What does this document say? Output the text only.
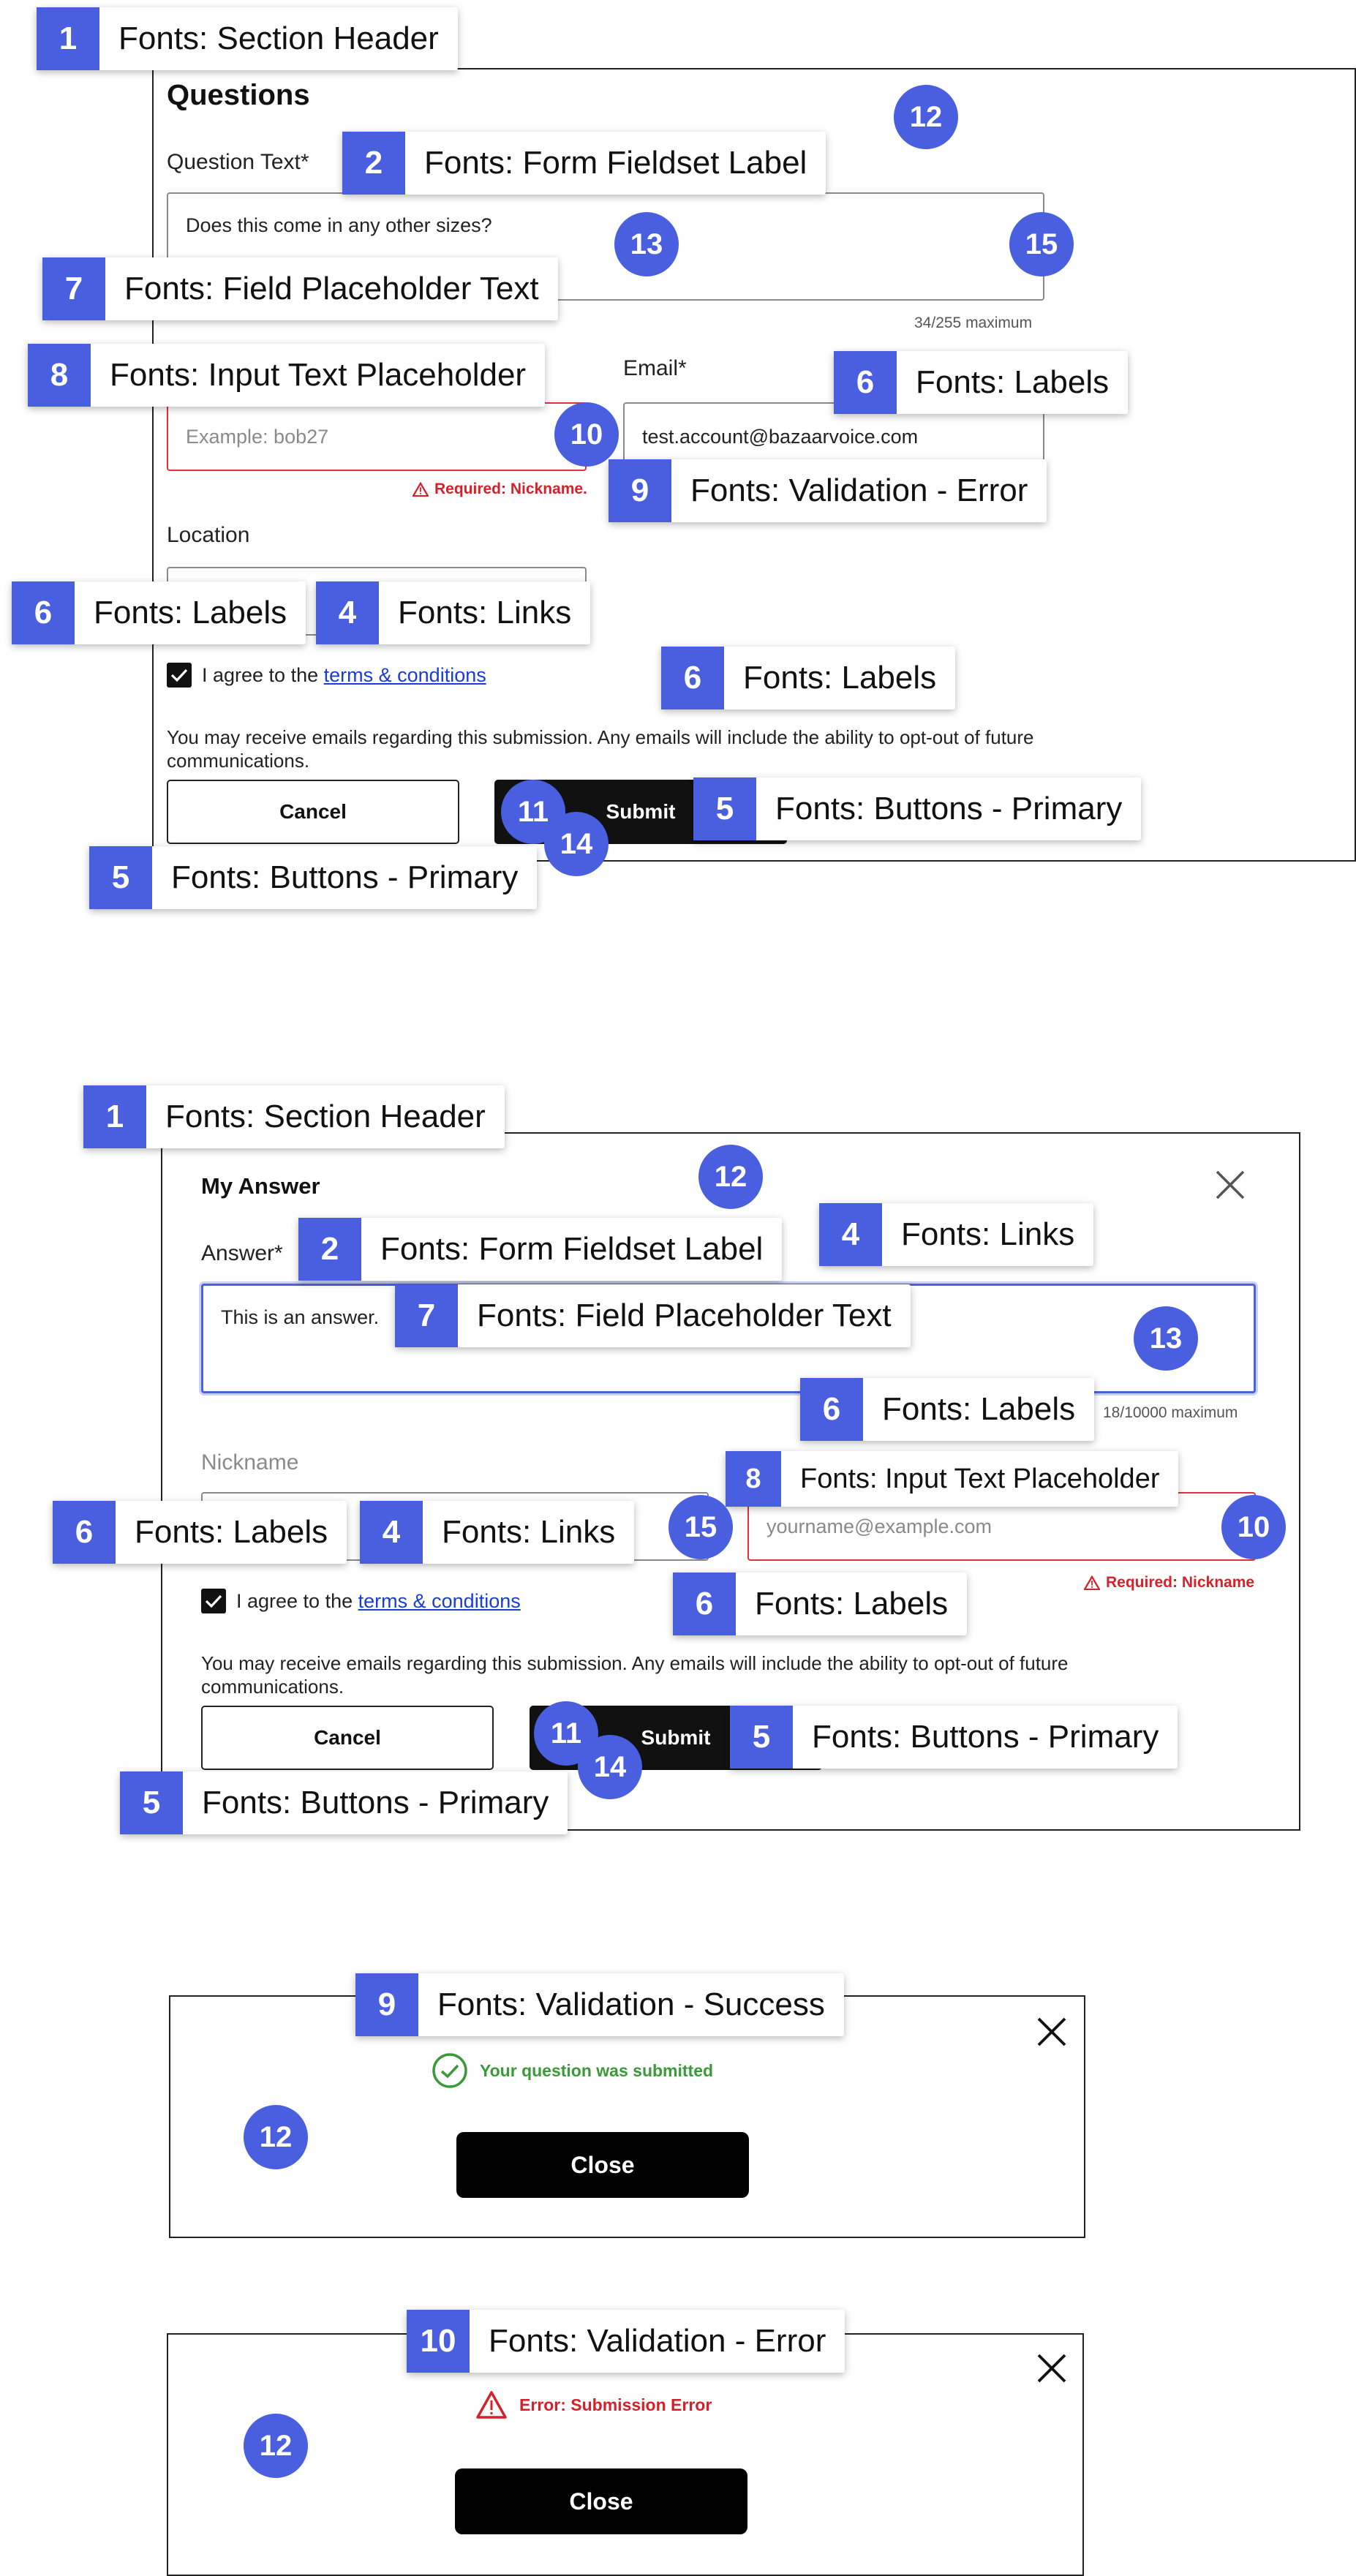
Questions
Question Text*
Does this come in any other sizes?
34/255 maximum
Example: bob27
Required: Nickname.
Email*
test.account@bazaarvoice.com
Location
I agree to the terms & conditions
You may receive emails regarding this submission. Any emails will include the ability to opt-out of future communications.
Cancel	Submit
1	Fonts: Section Header
2	Fonts: Form Fieldset Label
12
13	15
7	Fonts: Field Placeholder Text
8	Fonts: Input Text Placeholder	6	Fonts: Labels
10
9	Fonts: Validation - Error
6	Fonts: Labels	4	Fonts: Links
6	Fonts: Labels
11
14
5	Fonts: Buttons - Primary
5	Fonts: Buttons - Primary
My Answer
Answer*
This is an answer.
18/10000 maximum
Nickname
yourname@example.com
Required: Nickname
I agree to the terms & conditions
You may receive emails regarding this submission. Any emails will include the ability to opt-out of future communications.
Cancel	Submit
1	Fonts: Section Header
12
4	Fonts: Links
2	Fonts: Form Fieldset Label
7	Fonts: Field Placeholder Text
13
6	Fonts: Labels
8	Fonts: Input Text Placeholder
6	Fonts: Labels	4	Fonts: Links	15	10
6	Fonts: Labels
11
14
5	Fonts: Buttons - Primary
5	Fonts: Buttons - Primary
Your question was submitted
Close
9	Fonts: Validation - Success
12
Error: Submission Error
Close
10	Fonts: Validation - Error
12
